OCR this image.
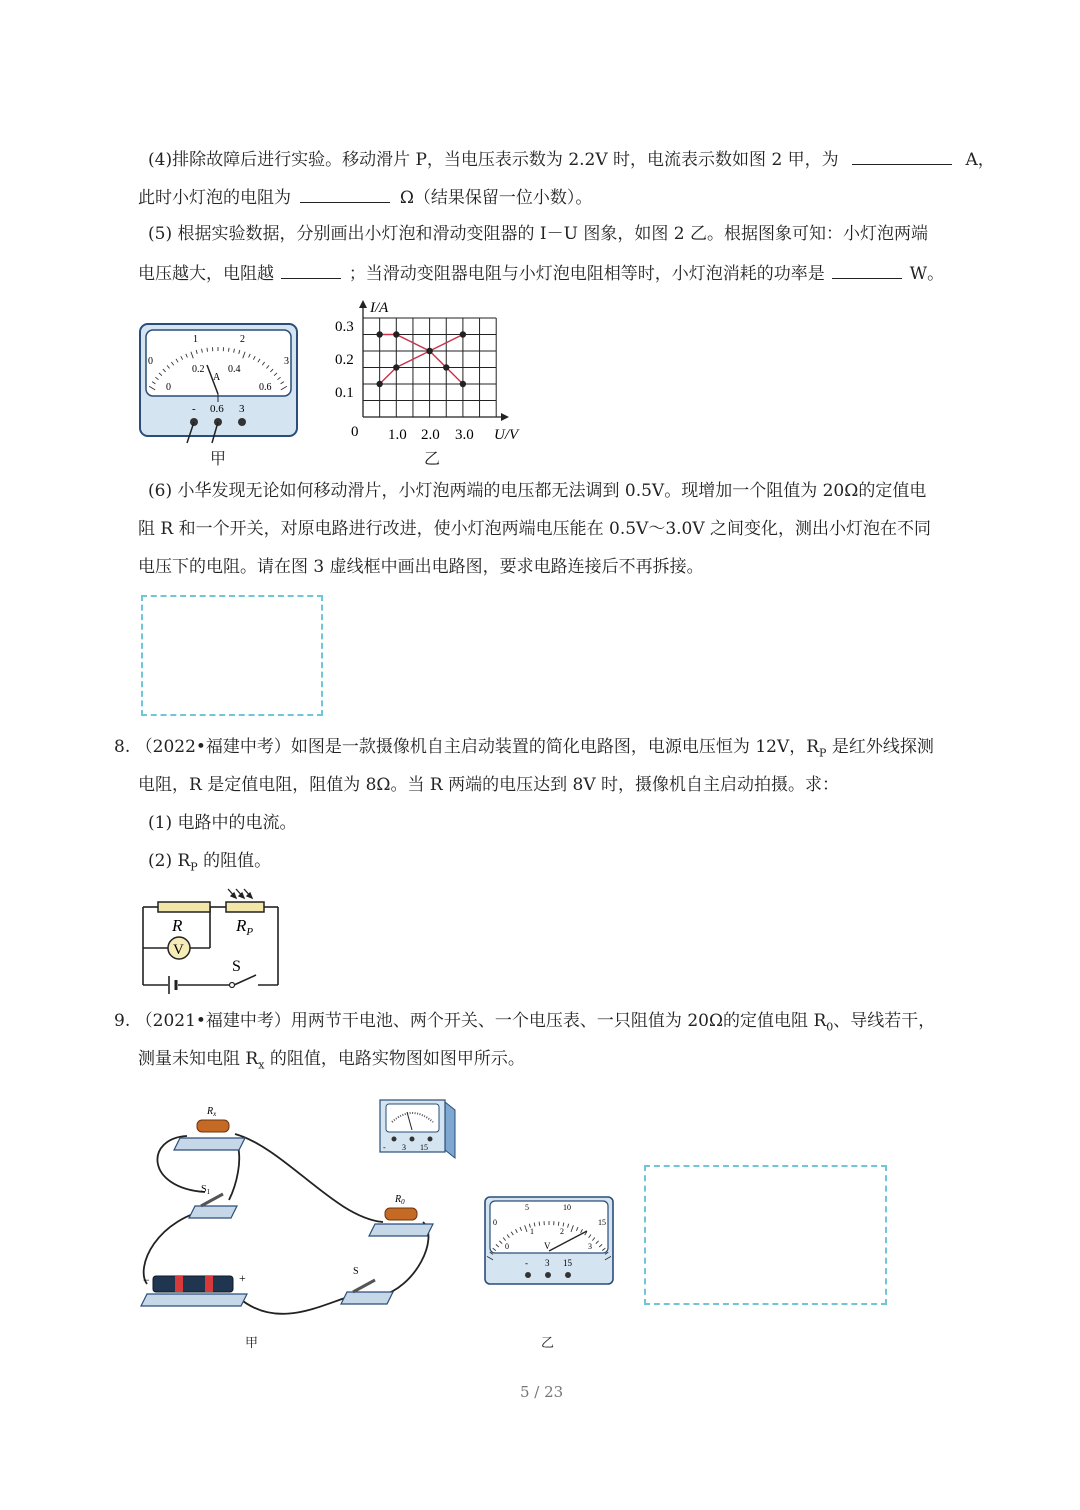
(4)排除故障后进行实验。移动滑片 P，当电压表示数为 2.2V 时，电流表示数如图 2 甲，为	A，
此时小灯泡的电阻为	Ω（结果保留一位小数）。
(5) 根据实验数据，分别画出小灯泡和滑动变阻器的 I－U 图象，如图 2 乙。根据图象可知：小灯泡两端
电压越大，电阻越	；当滑动变阻器电阻与小灯泡电阻相等时，小灯泡消耗的功率是	W。
0
1	2
3
0
0.2 0.4
0.6
A
- 0.6 3
甲
I/A
U/V
0
0.1
0.2
0.3
1.0 2.0 3.0
乙
(6) 小华发现无论如何移动滑片，小灯泡两端的电压都无法调到 0.5V。现增加一个阻值为 20Ω的定值电
阻 R 和一个开关，对原电路进行改进，使小灯泡两端电压能在 0.5V～3.0V 之间变化，测出小灯泡在不同
电压下的电阻。请在图 3 虚线框中画出电路图，要求电路连接后不再拆接。
8. （2022•福建中考）如图是一款摄像机自主启动装置的简化电路图，电源电压恒为 12V，$R_P$ 是红外线探测
电阻，R 是定值电阻，阻值为 8Ω。当 R 两端的电压达到 8V 时，摄像机自主启动拍摄。求：
(1) 电路中的电流。
(2) $R_P$ 的阻值。
R	$R_P$
V
S
9. （2021•福建中考）用两节干电池、两个开关、一个电压表、一只阻值为 20Ω的定值电阻 $R_0$、导线若干，
测量未知电阻 $R_x$ 的阻值，电路实物图如图甲所示。
$R_x$
$S_1$
$R_0$
−	+	S
- 3 15
甲
0
5	10
15
0
1	2
3
V
- 3 15
乙
5 / 23
